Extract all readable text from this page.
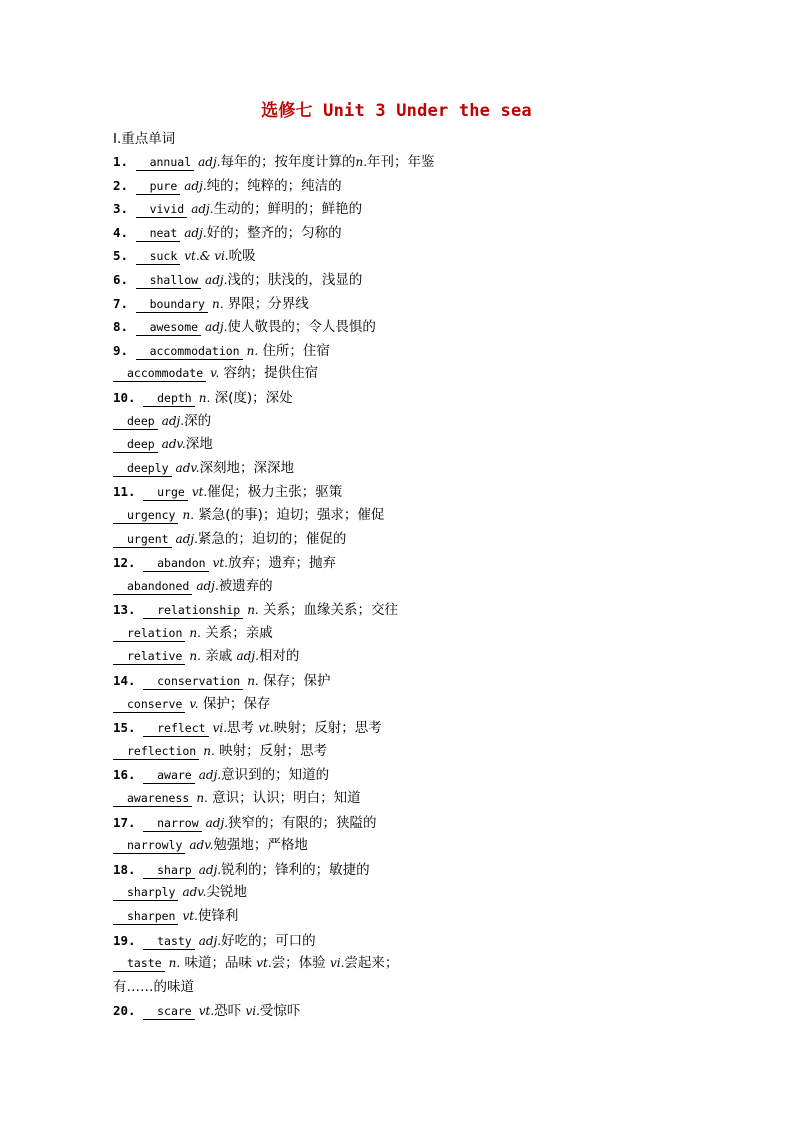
选修七 Unit 3 Under the sea
Ⅰ.重点单词
1. annual adj.每年的；按年度计算的n.年刊；年鉴
2. pure adj.纯的；纯粹的；纯洁的
3. vivid adj.生动的；鲜明的；鲜艳的
4. neat adj.好的；整齐的；匀称的
5. suck vt.& vi.吮吸
6. shallow adj.浅的；肤浅的，浅显的
7. boundary n. 界限；分界线
8. awesome adj.使人敬畏的；令人畏惧的
9. accommodation n. 住所；住宿
accommodate v. 容纳；提供住宿
10. depth n. 深(度)；深处
deep adj.深的
deep adv.深地
deeply adv.深刻地；深深地
11. urge vt.催促；极力主张；驱策
urgency n. 紧急(的事)；迫切；强求；催促
urgent adj.紧急的；迫切的；催促的
12. abandon vt.放弃；遗弃；抛弃
abandoned adj.被遗弃的
13. relationship n. 关系；血缘关系；交往
relation n. 关系；亲戚
relative n. 亲戚 adj.相对的
14. conservation n. 保存；保护
conserve v. 保护；保存
15. reflect vi.思考 vt.映射；反射；思考
reflection n. 映射；反射；思考
16. aware adj.意识到的；知道的
awareness n. 意识；认识；明白；知道
17. narrow adj.狭窄的；有限的；狭隘的
narrowly adv.勉强地；严格地
18. sharp adj.锐利的；锋利的；敏捷的
sharply adv.尖锐地
sharpen vt.使锋利
19. tasty adj.好吃的；可口的
taste n. 味道；品味 vt.尝；体验 vi.尝起来；
有……的味道
20. scare vt.恐吓 vi.受惊吓
